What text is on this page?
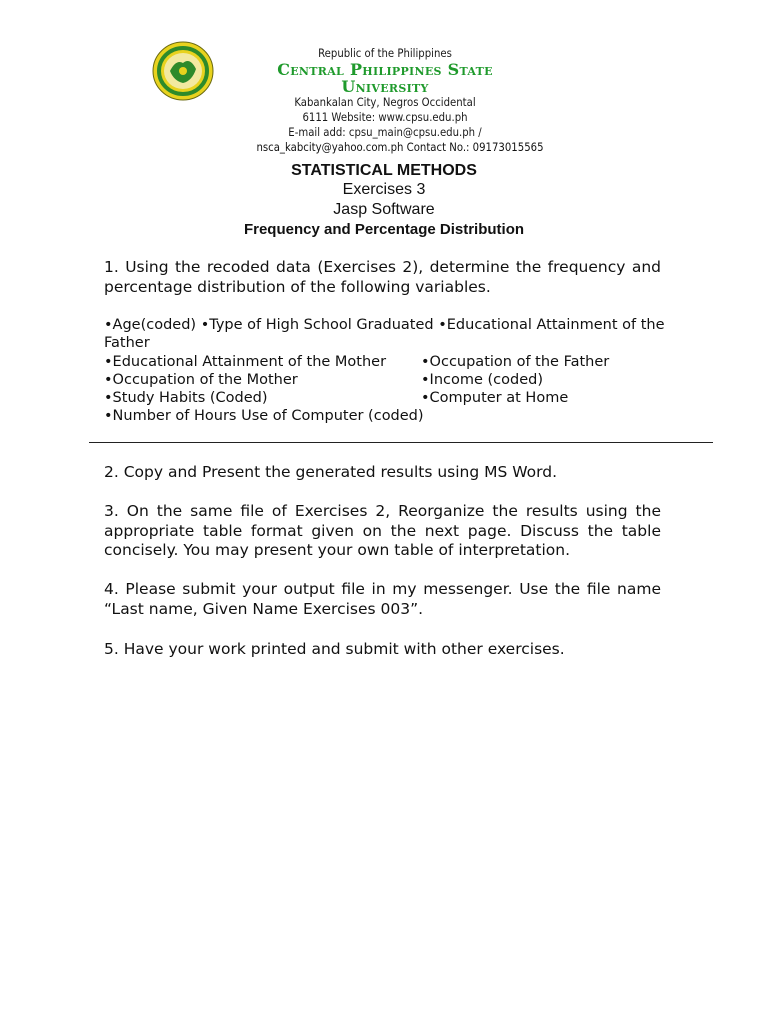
Republic of the Philippines
Central Philippines State
University
Kabankalan City, Negros Occidental
6111 Website: www.cpsu.edu.ph
E-mail add: cpsu_main@cpsu.edu.ph /
nsca_kabcity@yahoo.com.ph Contact No.: 09173015565
STATISTICAL METHODS
Exercises 3
Jasp Software
Frequency and Percentage Distribution
1. Using the recoded data (Exercises 2), determine the frequency and percentage distribution of the following variables.
•Age(coded) •Type of High School Graduated •Educational Attainment of the Father
•Educational Attainment of the Mother	•Occupation of the Father
•Occupation of the Mother	•Income (coded)
•Study Habits (Coded)	•Computer at Home
•Number of Hours Use of Computer (coded)
2. Copy and Present the generated results using MS Word.
3. On the same file of Exercises 2, Reorganize the results using the appropriate table format given on the next page. Discuss the table concisely. You may present your own table of interpretation.
4. Please submit your output file in my messenger. Use the file name “Last name, Given Name Exercises 003”.
5. Have your work printed and submit with other exercises.
